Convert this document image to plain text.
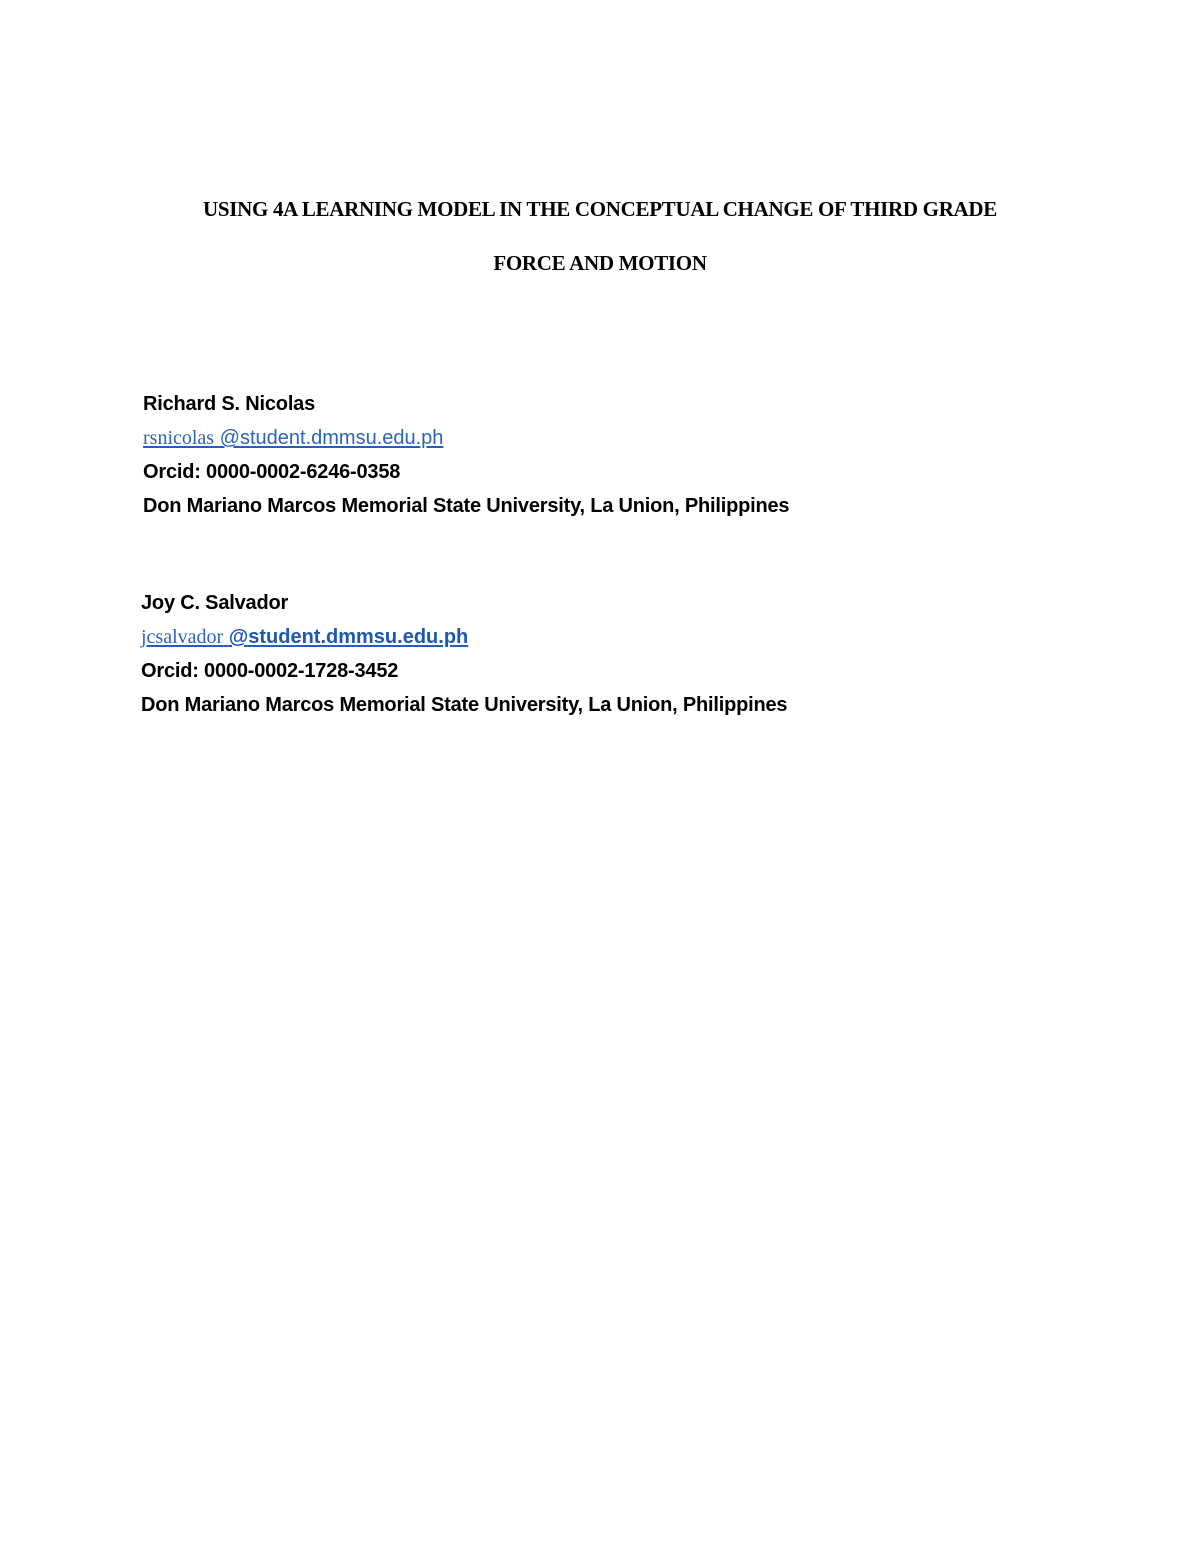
USING 4A LEARNING MODEL IN THE CONCEPTUAL CHANGE OF THIRD GRADE
FORCE AND MOTION
Richard S. Nicolas
rsnicolas @student.dmmsu.edu.ph
Orcid: 0000-0002-6246-0358
Don Mariano Marcos Memorial State University, La Union, Philippines
Joy C. Salvador
jcsalvador @student.dmmsu.edu.ph
Orcid: 0000-0002-1728-3452
Don Mariano Marcos Memorial State University, La Union, Philippines
